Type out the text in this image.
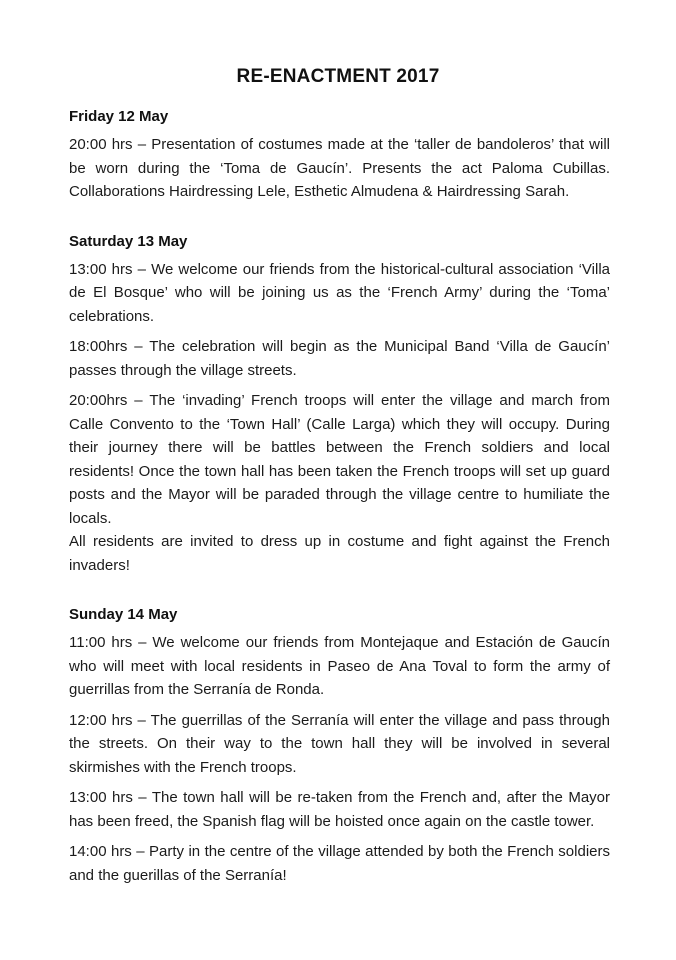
RE-ENACTMENT 2017
Friday 12 May

20:00 hrs – Presentation of costumes made at the ‘taller de bandoleros’ that will be worn during the ‘Toma de Gaucín’. Presents the act Paloma Cubillas. Collaborations Hairdressing Lele, Esthetic Almudena & Hairdressing Sarah.

Saturday 13 May

13:00 hrs – We welcome our friends from the historical-cultural association ‘Villa de El Bosque’ who will be joining us as the ‘French Army’ during the ‘Toma’ celebrations.

18:00hrs – The celebration will begin as the Municipal Band ‘Villa de Gaucín’ passes through the village streets.

20:00hrs – The ‘invading’ French troops will enter the village and march from Calle Convento to the ‘Town Hall’ (Calle Larga) which they will occupy. During their journey there will be battles between the French soldiers and local residents! Once the town hall has been taken the French troops will set up guard posts and the Mayor will be paraded through the village centre to humiliate the locals.

All residents are invited to dress up in costume and fight against the French invaders!

Sunday 14 May

11:00 hrs – We welcome our friends from Montejaque and Estación de Gaucín who will meet with local residents in Paseo de Ana Toval to form the army of guerrillas from the Serranía de Ronda.

12:00 hrs – The guerrillas of the Serranía will enter the village and pass through the streets. On their way to the town hall they will be involved in several skirmishes with the French troops.

13:00 hrs – The town hall will be re-taken from the French and, after the Mayor has been freed, the Spanish flag will be hoisted once again on the castle tower.

14:00 hrs – Party in the centre of the village attended by both the French soldiers and the guerillas of the Serranía!
